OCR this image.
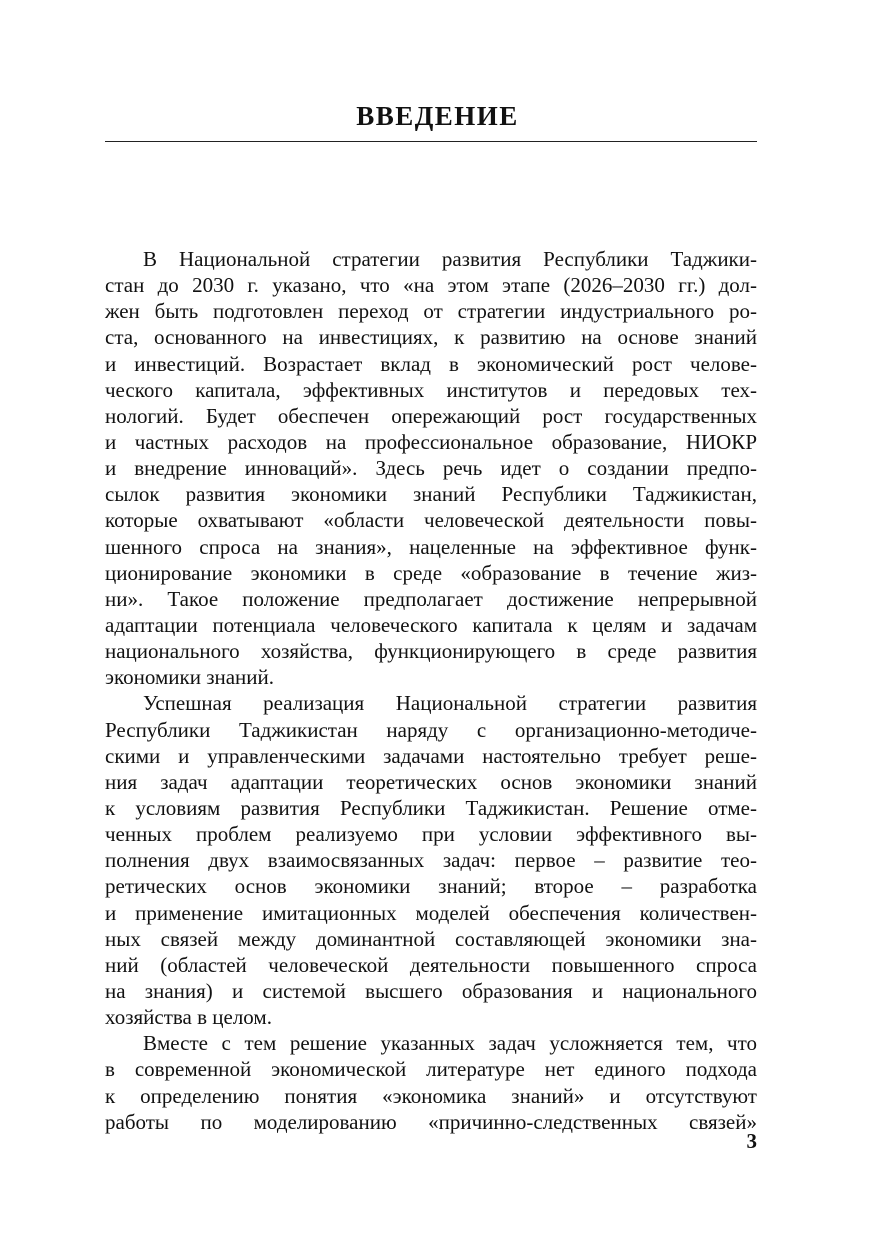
ВВЕДЕНИЕ
В Национальной стратегии развития Республики Таджики-
стан до 2030 г. указано, что «на этом этапе (2026–2030 гг.) дол-
жен быть подготовлен переход от стратегии индустриального ро-
ста, основанного на инвестициях, к развитию на основе знаний
и инвестиций. Возрастает вклад в экономический рост челове-
ческого капитала, эффективных институтов и передовых тех-
нологий. Будет обеспечен опережающий рост государственных
и частных расходов на профессиональное образование, НИОКР
и внедрение инноваций». Здесь речь идет о создании предпо-
сылок развития экономики знаний Республики Таджикистан,
которые охватывают «области человеческой деятельности повы-
шенного спроса на знания», нацеленные на эффективное функ-
ционирование экономики в среде «образование в течение жиз-
ни». Такое положение предполагает достижение непрерывной
адаптации потенциала человеческого капитала к целям и задачам
национального хозяйства, функционирующего в среде развития
экономики знаний.
Успешная реализация Национальной стратегии развития
Республики Таджикистан наряду с организационно-методиче-
скими и управленческими задачами настоятельно требует реше-
ния задач адаптации теоретических основ экономики знаний
к условиям развития Республики Таджикистан. Решение отме-
ченных проблем реализуемо при условии эффективного вы-
полнения двух взаимосвязанных задач: первое – развитие тео-
ретических основ экономики знаний; второе – разработка
и применение имитационных моделей обеспечения количествен-
ных связей между доминантной составляющей экономики зна-
ний (областей человеческой деятельности повышенного спроса
на знания) и системой высшего образования и национального
хозяйства в целом.
Вместе с тем решение указанных задач усложняется тем, что
в современной экономической литературе нет единого подхода
к определению понятия «экономика знаний» и отсутствуют
работы по моделированию «причинно-следственных связей»
3
